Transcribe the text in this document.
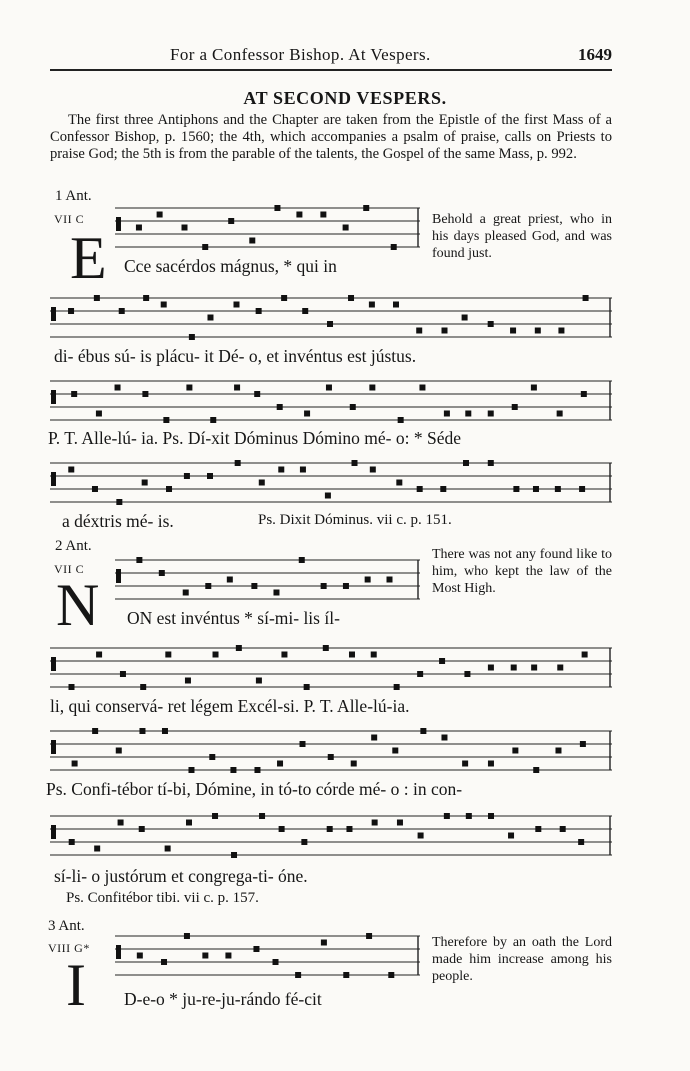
For a Confessor Bishop. At Vespers.	1649
AT SECOND VESPERS.

The first three Antiphons and the Chapter are taken from the Epistle of the first Mass of a Confessor Bishop, p. 1560; the 4th, which accompanies a psalm of praise, calls on Priests to praise God; the 5th is from the parable of the talents, the Gospel of the same Mass, p. 992.

1 Ant.
VII C
E
Behold a great priest, who in his days pleased God, and was found just.
Cce sacérdos mágnus, * qui in
di- ébus sú- is plácu- it Dé- o, et invéntus est jústus.
P. T. Alle-lú- ia. Ps. Dí-xit Dóminus Dómino mé- o: * Séde
a déxtris mé- is.	Ps. Dixit Dóminus. vii c. p. 151.
2 Ant.
VII C
N
There was not any found like to him, who kept the law of the Most High.
ON est invéntus * sí-mi- lis íl-
li, qui conservá- ret légem Excél-si. P. T. Alle-lú-ia.
Ps. Confi-tébor tí-bi, Dómine, in tó-to córde mé- o : in con-
sí-li- o justórum et congrega-ti- óne.
Ps. Confitébor tibi. vii c. p. 157.
3 Ant.
VIII G*
I
Therefore by an oath the Lord made him increase among his people.
D-e-o * ju-re-ju-rándo fé-cit
